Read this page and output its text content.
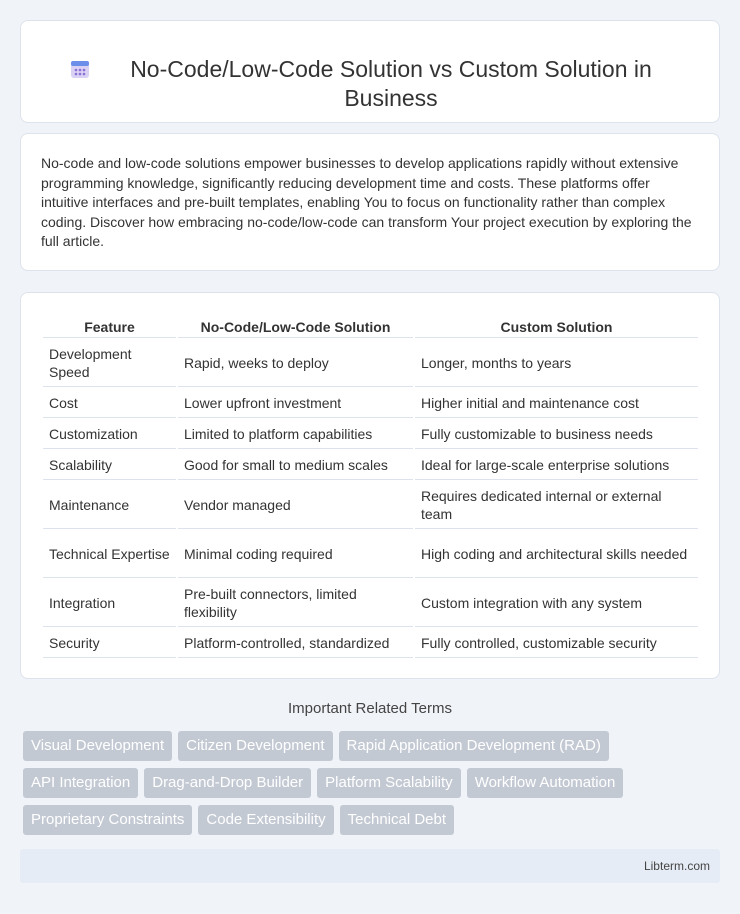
No-Code/Low-Code Solution vs Custom Solution in Business

No-code and low-code solutions empower businesses to develop applications rapidly without extensive programming knowledge, significantly reducing development time and costs. These platforms offer intuitive interfaces and pre-built templates, enabling You to focus on functionality rather than complex coding. Discover how embracing no-code/low-code can transform Your project execution by exploring the full article.

Feature	No-Code/Low-Code Solution	Custom Solution
Development Speed	Rapid, weeks to deploy	Longer, months to years
Cost	Lower upfront investment	Higher initial and maintenance cost
Customization	Limited to platform capabilities	Fully customizable to business needs
Scalability	Good for small to medium scales	Ideal for large-scale enterprise solutions
Maintenance	Vendor managed	Requires dedicated internal or external team
Technical Expertise	Minimal coding required	High coding and architectural skills needed
Integration	Pre-built connectors, limited flexibility	Custom integration with any system
Security	Platform-controlled, standardized	Fully controlled, customizable security
Important Related Terms
Visual Development	Citizen Development	Rapid Application Development (RAD)
API Integration	Drag-and-Drop Builder	Platform Scalability	Workflow Automation
Proprietary Constraints	Code Extensibility	Technical Debt
Libterm.com
